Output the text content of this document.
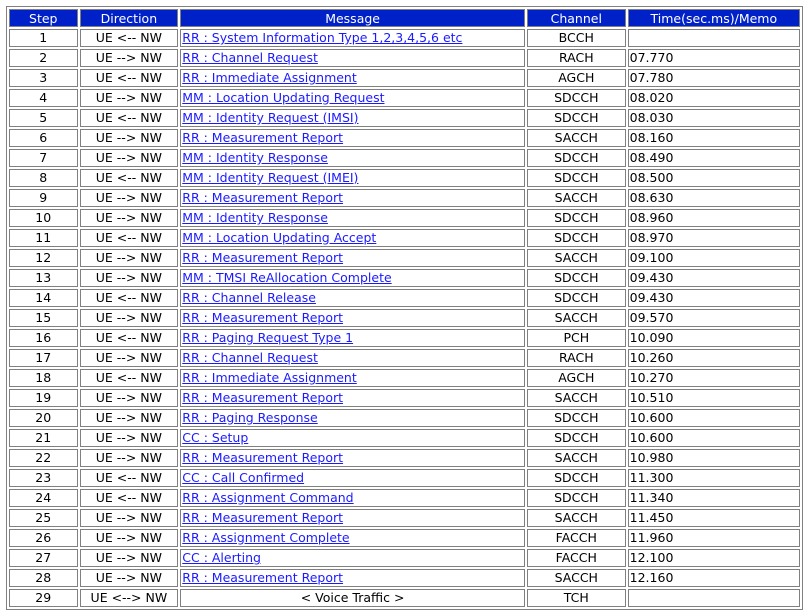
Step	Direction	Message	Channel	Time(sec.ms)/Memo
1	UE <-- NW	RR : System Information Type 1,2,3,4,5,6 etc	BCCH	
2	UE --> NW	RR : Channel Request	RACH	07.770
3	UE <-- NW	RR : Immediate Assignment	AGCH	07.780
4	UE --> NW	MM : Location Updating Request	SDCCH	08.020
5	UE <-- NW	MM : Identity Request (IMSI)	SDCCH	08.030
6	UE --> NW	RR : Measurement Report	SACCH	08.160
7	UE --> NW	MM : Identity Response	SDCCH	08.490
8	UE <-- NW	MM : Identity Request (IMEI)	SDCCH	08.500
9	UE --> NW	RR : Measurement Report	SACCH	08.630
10	UE --> NW	MM : Identity Response	SDCCH	08.960
11	UE <-- NW	MM : Location Updating Accept	SDCCH	08.970
12	UE --> NW	RR : Measurement Report	SACCH	09.100
13	UE --> NW	MM : TMSI ReAllocation Complete	SDCCH	09.430
14	UE <-- NW	RR : Channel Release	SDCCH	09.430
15	UE --> NW	RR : Measurement Report	SACCH	09.570
16	UE <-- NW	RR : Paging Request Type 1	PCH	10.090
17	UE --> NW	RR : Channel Request	RACH	10.260
18	UE <-- NW	RR : Immediate Assignment	AGCH	10.270
19	UE --> NW	RR : Measurement Report	SACCH	10.510
20	UE --> NW	RR : Paging Response	SDCCH	10.600
21	UE --> NW	CC : Setup	SDCCH	10.600
22	UE --> NW	RR : Measurement Report	SACCH	10.980
23	UE <-- NW	CC : Call Confirmed	SDCCH	11.300
24	UE <-- NW	RR : Assignment Command	SDCCH	11.340
25	UE --> NW	RR : Measurement Report	SACCH	11.450
26	UE --> NW	RR : Assignment Complete	FACCH	11.960
27	UE --> NW	CC : Alerting	FACCH	12.100
28	UE --> NW	RR : Measurement Report	SACCH	12.160
29	UE <--> NW	< Voice Traffic >	TCH	
